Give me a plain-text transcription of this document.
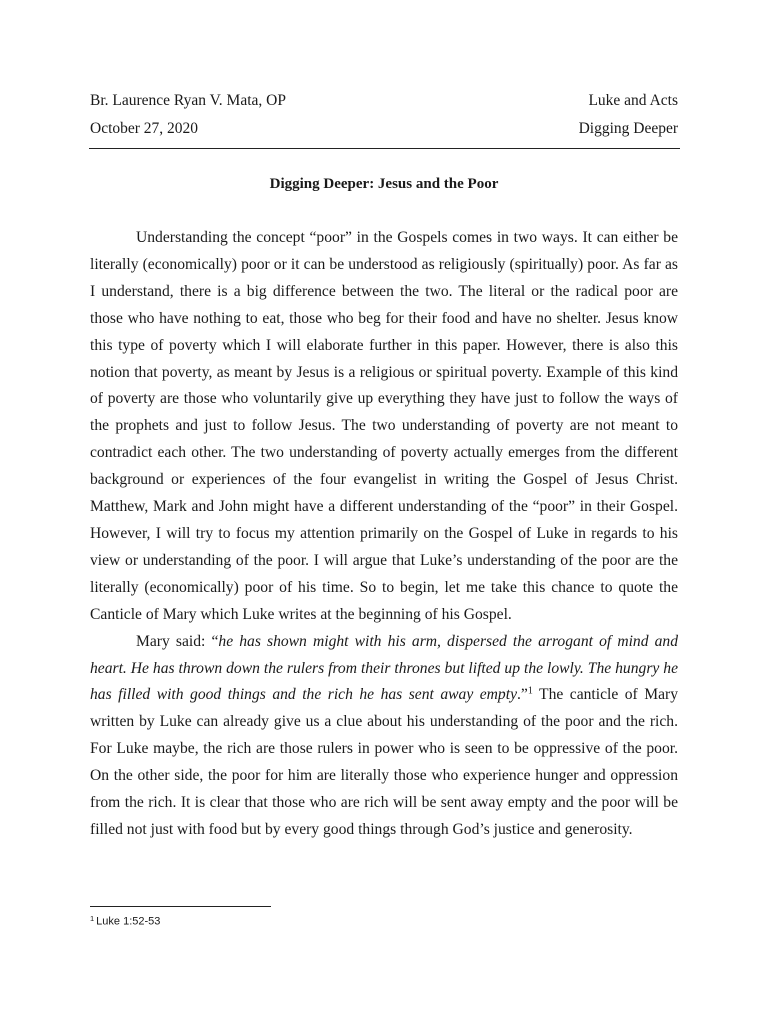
Br. Laurence Ryan V. Mata, OP	Luke and Acts
October 27, 2020	Digging Deeper
Digging Deeper: Jesus and the Poor

Understanding the concept “poor” in the Gospels comes in two ways. It can either be literally (economically) poor or it can be understood as religiously (spiritually) poor. As far as I understand, there is a big difference between the two. The literal or the radical poor are those who have nothing to eat, those who beg for their food and have no shelter. Jesus know this type of poverty which I will elaborate further in this paper. However, there is also this notion that poverty, as meant by Jesus is a religious or spiritual poverty. Example of this kind of poverty are those who voluntarily give up everything they have just to follow the ways of the prophets and just to follow Jesus. The two understanding of poverty are not meant to contradict each other. The two understanding of poverty actually emerges from the different background or experiences of the four evangelist in writing the Gospel of Jesus Christ. Matthew, Mark and John might have a different understanding of the “poor” in their Gospel. However, I will try to focus my attention primarily on the Gospel of Luke in regards to his view or understanding of the poor. I will argue that Luke’s understanding of the poor are the literally (economically) poor of his time. So to begin, let me take this chance to quote the Canticle of Mary which Luke writes at the beginning of his Gospel.

Mary said: “he has shown might with his arm, dispersed the arrogant of mind and heart. He has thrown down the rulers from their thrones but lifted up the lowly. The hungry he has filled with good things and the rich he has sent away empty.”$^1$ The canticle of Mary written by Luke can already give us a clue about his understanding of the poor and the rich. For Luke maybe, the rich are those rulers in power who is seen to be oppressive of the poor. On the other side, the poor for him are literally those who experience hunger and oppression from the rich. It is clear that those who are rich will be sent away empty and the poor will be filled not just with food but by every good things through God’s justice and generosity.

$^1$ Luke 1:52-53
